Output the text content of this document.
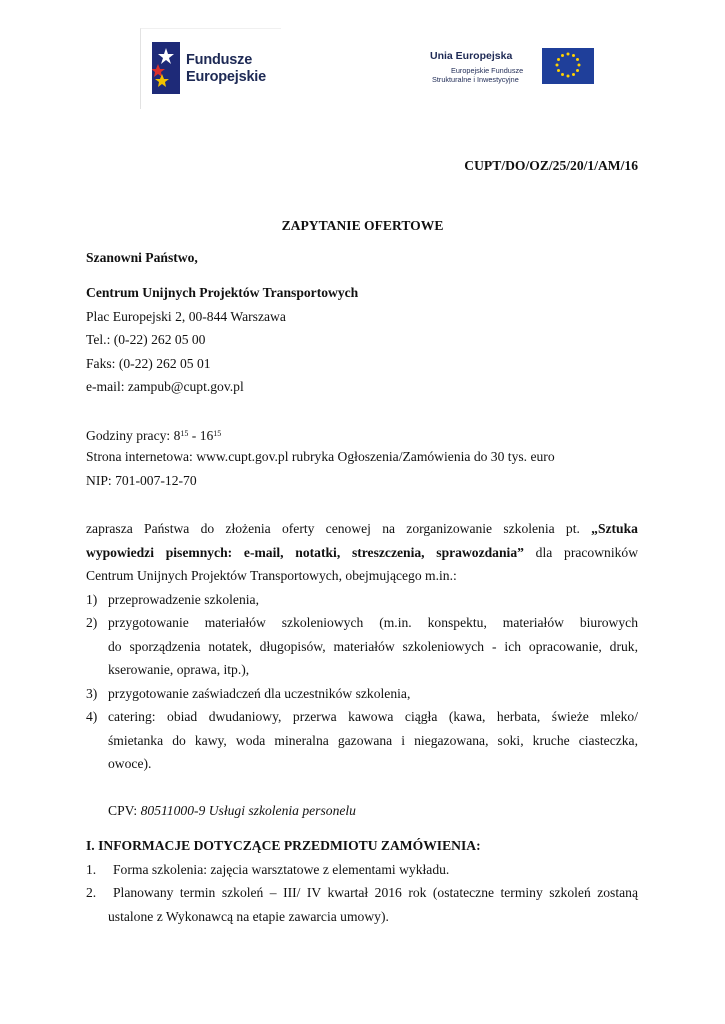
Fundusze
Europejskie
Unia Europejska
Europejskie Fundusze
Strukturalne i Inwestycyjne
CUPT/DO/OZ/25/20/1/AM/16
ZAPYTANIE OFERTOWE
Szanowni Państwo,
Centrum Unijnych Projektów Transportowych
Plac Europejski 2, 00-844 Warszawa
Tel.: (0-22) 262 05 00
Faks: (0-22) 262 05 01
e-mail: zampub@cupt.gov.pl
Godziny pracy: $8^{15} - 16^{15}$
Strona internetowa: www.cupt.gov.pl rubryka Ogłoszenia/Zamówienia do 30 tys. euro
NIP: 701-007-12-70
zaprasza Państwa do złożenia oferty cenowej na zorganizowanie szkolenia pt. „Sztuka
wypowiedzi pisemnych: e-mail, notatki, streszczenia, sprawozdania” dla pracowników
Centrum Unijnych Projektów Transportowych, obejmującego m.in.:
1) przeprowadzenie szkolenia,
2) przygotowanie materiałów szkoleniowych (m.in. konspektu, materiałów biurowych
do sporządzenia notatek, długopisów, materiałów szkoleniowych - ich opracowanie, druk,
kserowanie, oprawa, itp.),
3) przygotowanie zaświadczeń dla uczestników szkolenia,
4) catering: obiad dwudaniowy, przerwa kawowa ciągła (kawa, herbata, świeże mleko/
śmietanka do kawy, woda mineralna gazowana i niegazowana, soki, kruche ciasteczka,
owoce).
CPV: 80511000-9 Usługi szkolenia personelu
I. INFORMACJE DOTYCZĄCE PRZEDMIOTU ZAMÓWIENIA:
1. Forma szkolenia: zajęcia warsztatowe z elementami wykładu.
2. Planowany termin szkoleń – III/ IV kwartał 2016 rok (ostateczne terminy szkoleń zostaną
ustalone z Wykonawcą na etapie zawarcia umowy).
